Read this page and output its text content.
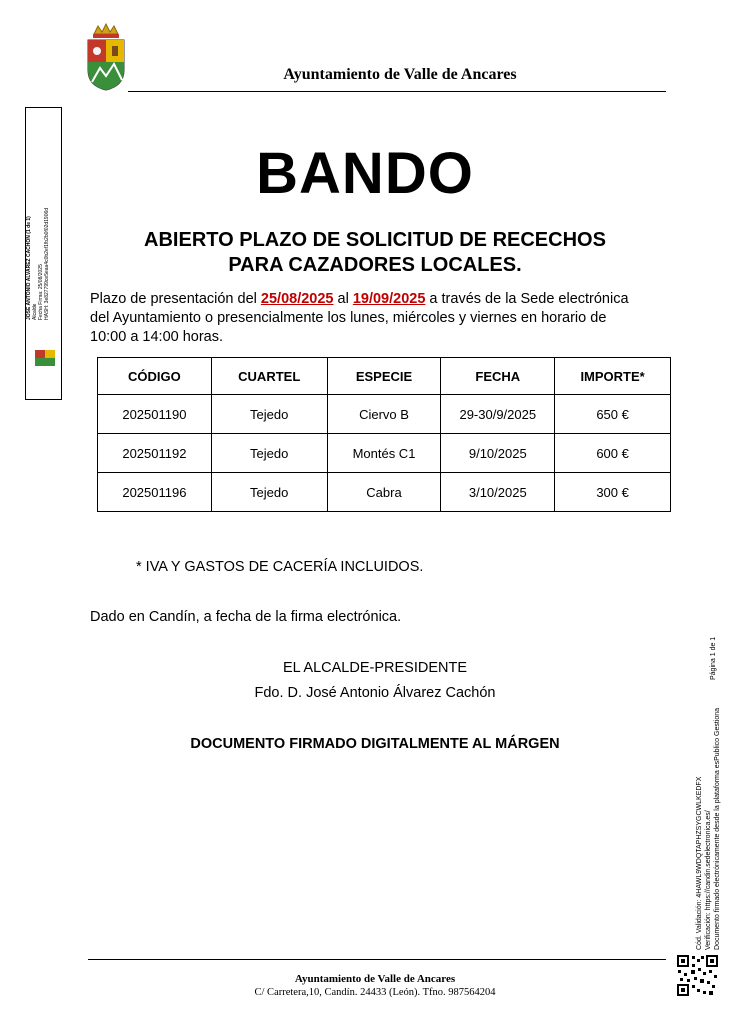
Ayuntamiento de Valle de Ancares
JOSE ANTONIO ALVAREZ CACHON (1 de 1) Alcalde Fecha Firma: 25/08/2025 HASH: 3e827799ce5eaa4c0b2ef1fb2b0f02d1906d
BANDO
ABIERTO PLAZO DE SOLICITUD DE RECECHOS
PARA CAZADORES LOCALES.
Plazo de presentación del 25/08/2025 al 19/09/2025 a través de la Sede electrónica
del Ayuntamiento o presencialmente los lunes, miércoles y viernes en horario de
10:00 a 14:00 horas.
CÓDIGO	CUARTEL	ESPECIE	FECHA	IMPORTE*
202501190	Tejedo	Ciervo B	29-30/9/2025	650 €
202501192	Tejedo	Montés C1	9/10/2025	600 €
202501196	Tejedo	Cabra	3/10/2025	300 €
* IVA Y GASTOS DE CACERÍA INCLUIDOS.
Dado en Candín, a fecha de la firma electrónica.
EL ALCALDE-PRESIDENTE
Fdo. D. José Antonio Álvarez Cachón
DOCUMENTO FIRMADO DIGITALMENTE AL MÁRGEN
Cód. Validación: 4HAWL9WDQTAPHZSYGCWLKEDFX Verificación: https://candin.sedelectronica.es/ Documento firmado electrónicamente desde la plataforma esPublico Gestiona
Página 1 de 1
Ayuntamiento de Valle de Ancares
C/ Carretera,10, Candín. 24433 (León). Tfno. 987564204
